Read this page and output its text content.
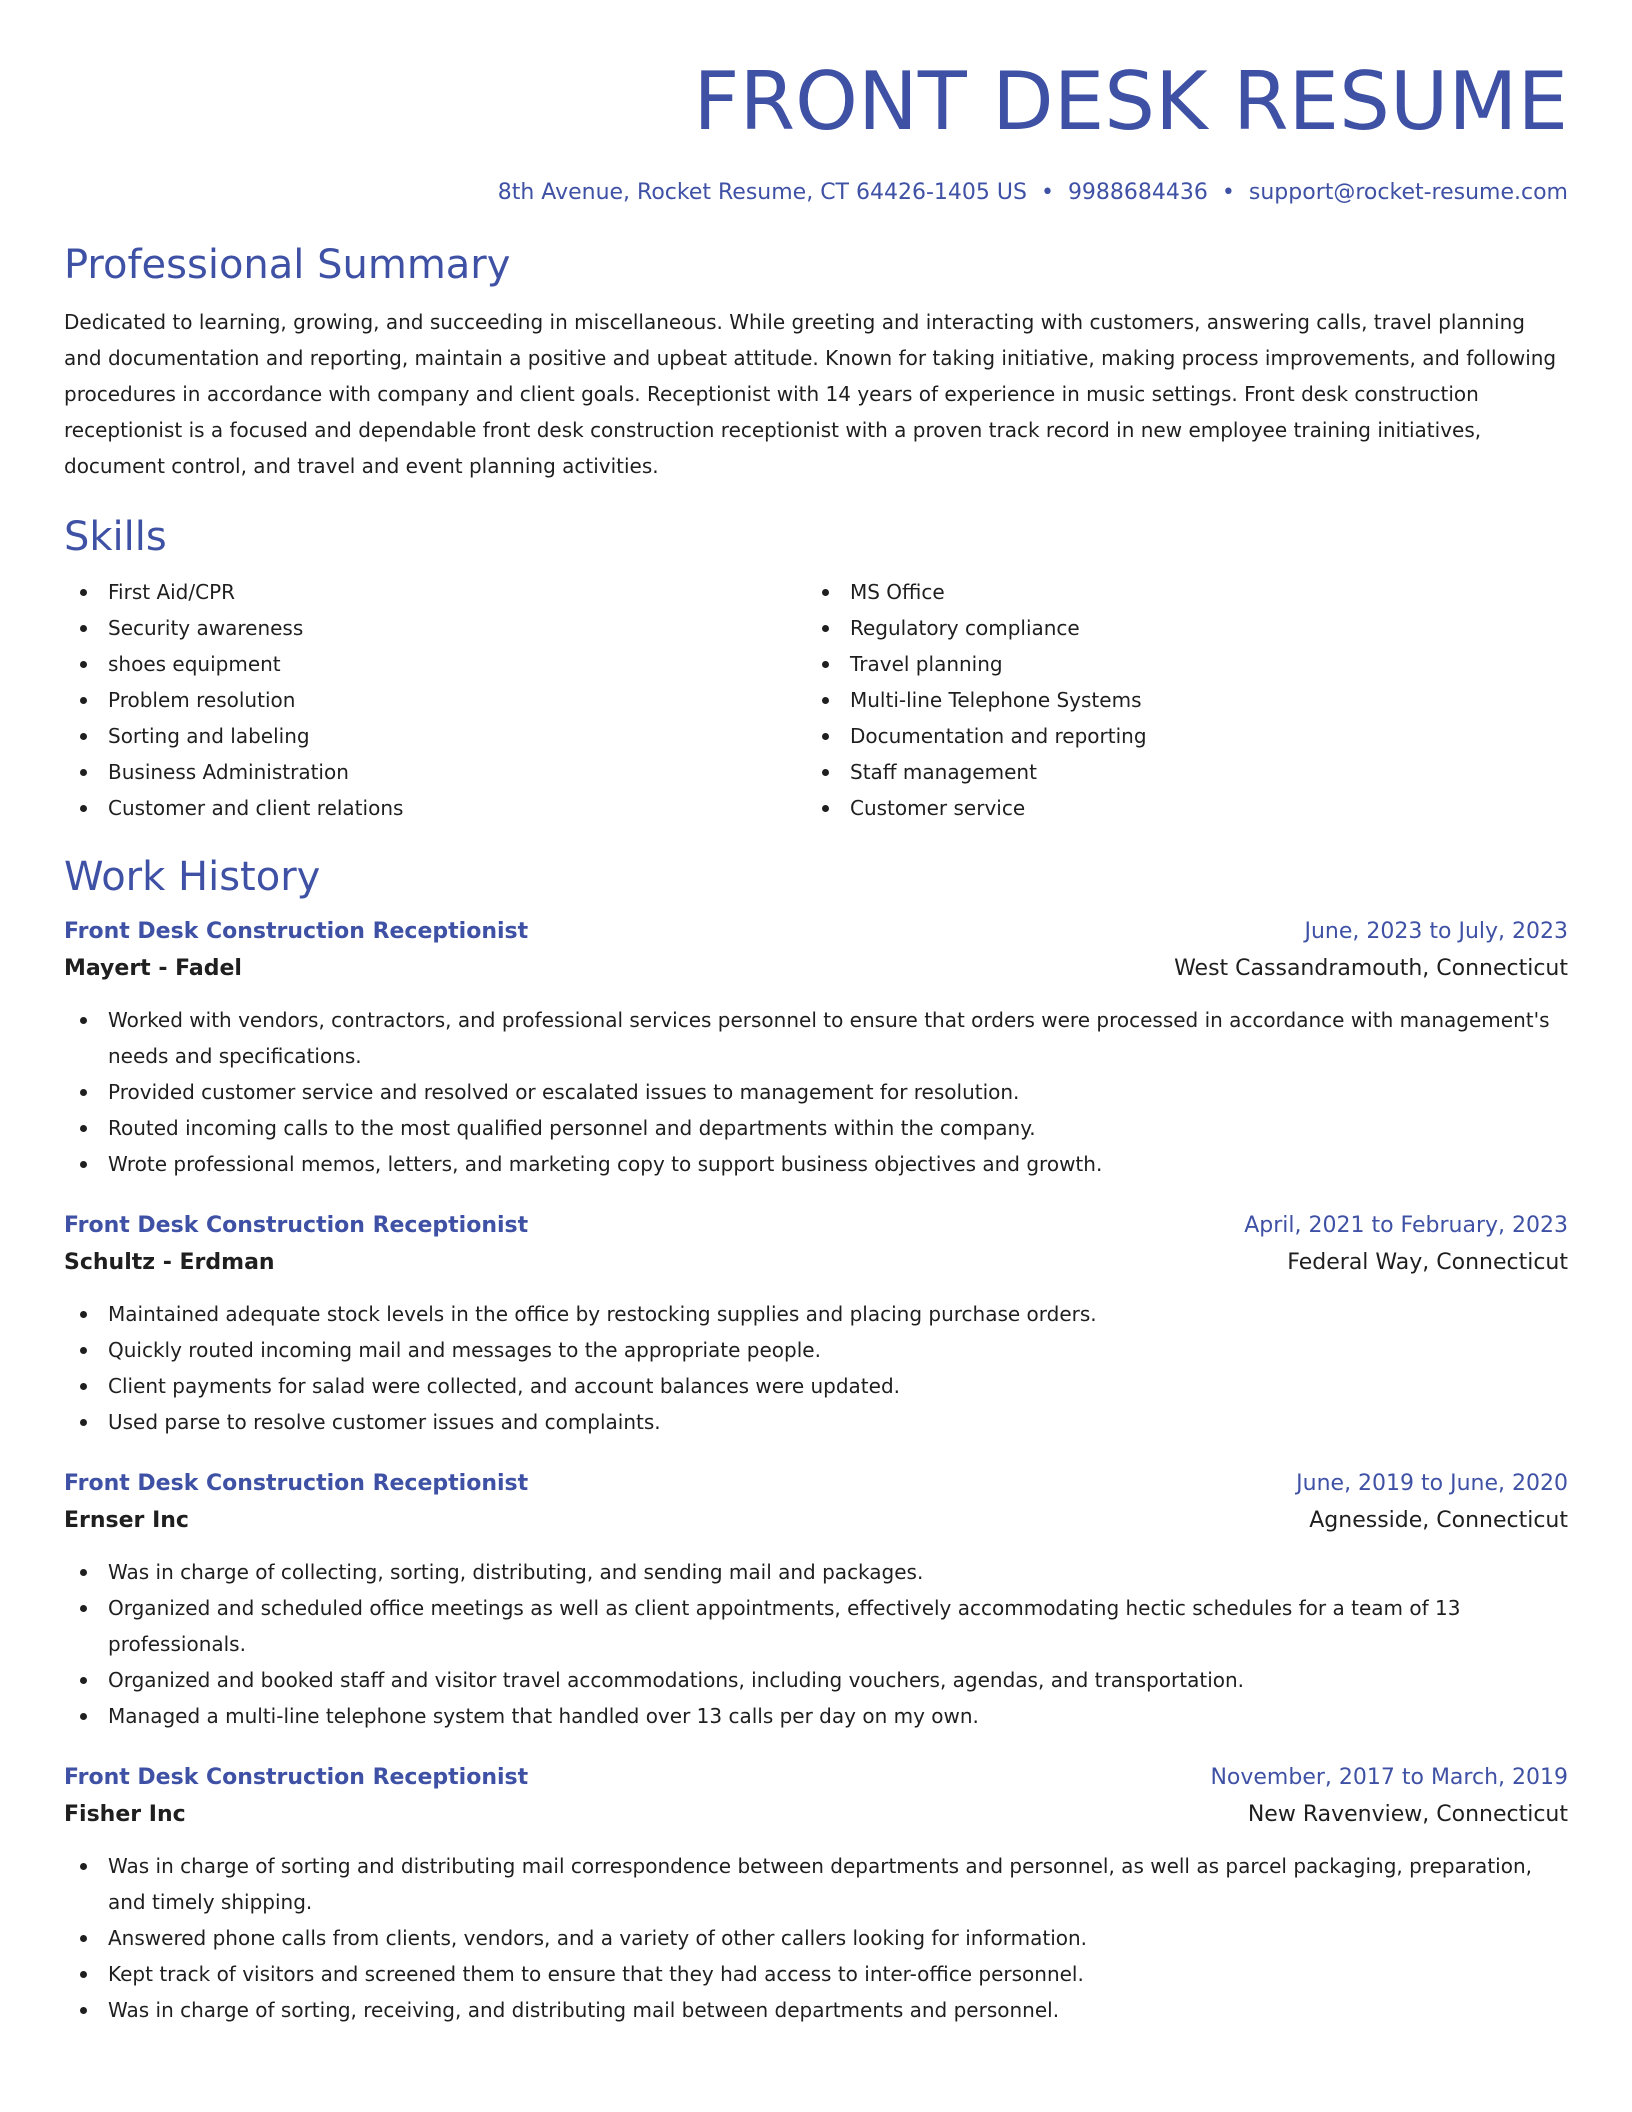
FRONT DESK RESUME
8th Avenue, Rocket Resume, CT 64426-1405 US • 9988684436 • support@rocket-resume.com
Professional Summary

Dedicated to learning, growing, and succeeding in miscellaneous. While greeting and interacting with customers, answering calls, travel planning and documentation and reporting, maintain a positive and upbeat attitude. Known for taking initiative, making process improvements, and following procedures in accordance with company and client goals. Receptionist with 14 years of experience in music settings. Front desk construction receptionist is a focused and dependable front desk construction receptionist with a proven track record in new employee training initiatives, document control, and travel and event planning activities.

Skills
First Aid/CPR
Security awareness
shoes equipment
Problem resolution
Sorting and labeling
Business Administration
Customer and client relations
MS Office
Regulatory compliance
Travel planning
Multi-line Telephone Systems
Documentation and reporting
Staff management
Customer service
Work History
Front Desk Construction Receptionist	June, 2023 to July, 2023
Mayert - Fadel	West Cassandramouth, Connecticut
Worked with vendors, contractors, and professional services personnel to ensure that orders were processed in accordance with management's needs and specifications.
Provided customer service and resolved or escalated issues to management for resolution.
Routed incoming calls to the most qualified personnel and departments within the company.
Wrote professional memos, letters, and marketing copy to support business objectives and growth.
Front Desk Construction Receptionist	April, 2021 to February, 2023
Schultz - Erdman	Federal Way, Connecticut
Maintained adequate stock levels in the office by restocking supplies and placing purchase orders.
Quickly routed incoming mail and messages to the appropriate people.
Client payments for salad were collected, and account balances were updated.
Used parse to resolve customer issues and complaints.
Front Desk Construction Receptionist	June, 2019 to June, 2020
Ernser Inc	Agnesside, Connecticut
Was in charge of collecting, sorting, distributing, and sending mail and packages.
Organized and scheduled office meetings as well as client appointments, effectively accommodating hectic schedules for a team of 13 professionals.
Organized and booked staff and visitor travel accommodations, including vouchers, agendas, and transportation.
Managed a multi-line telephone system that handled over 13 calls per day on my own.
Front Desk Construction Receptionist	November, 2017 to March, 2019
Fisher Inc	New Ravenview, Connecticut
Was in charge of sorting and distributing mail correspondence between departments and personnel, as well as parcel packaging, preparation, and timely shipping.
Answered phone calls from clients, vendors, and a variety of other callers looking for information.
Kept track of visitors and screened them to ensure that they had access to inter-office personnel.
Was in charge of sorting, receiving, and distributing mail between departments and personnel.
